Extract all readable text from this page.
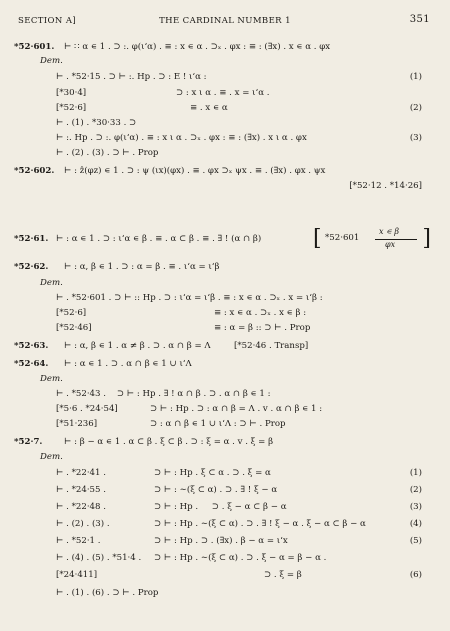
SECTION A]	THE CARDINAL NUMBER 1	351
*52·601. ⊢ ∷ α ∊ 1 . ⊃ :. φ(ι‘α) . ≡ : x ∊ α . ⊃ₓ . φx : ≡ : (∃x) . x ∊ α . φx
Dem.
⊢ . *52·15 . ⊃ ⊢ :. Hp . ⊃ : E ! ι‘α :	(1)
[*30·4]	⊃ : x ι α . ≡ . x = ι‘α .
[*52·6]	≡ . x ∊ α	(2)
⊢ . (1) . *30·33 . ⊃
⊢ :. Hp . ⊃ :. φ(ι‘α) . ≡ : x ι α . ⊃ₓ . φx : ≡ : (∃x) . x ι α . φx	(3)
⊢ . (2) . (3) . ⊃ ⊢ . Prop
*52·602. ⊢ : ẑ(φz) ∊ 1 . ⊃ : ψ (ιx)(φx) . ≡ . φx ⊃ₓ ψx . ≡ . (∃x) . φx . ψx
[*52·12 . *14·26]
*52·61. ⊢ : α ∊ 1 . ⊃ : ι‘α ∊ β . ≡ . α ⊂ β . ≡ . ∃ ! (α ∩ β) [ *52·601
x ∊ β
φx ]
*52·62. ⊢ : α, β ∊ 1 . ⊃ : α = β . ≡ . ι‘α = ι‘β
Dem.
⊢ . *52·601 . ⊃ ⊢ :: Hp . ⊃ : ι‘α = ι‘β . ≡ : x ∊ α . ⊃ₓ . x = ι‘β :
[*52·6]	≡ : x ∊ α . ⊃ₓ . x ∊ β :
[*52·46]	≡ : α = β :: ⊃ ⊢ . Prop
*52·63. ⊢ : α, β ∊ 1 . α ≠ β . ⊃ . α ∩ β = Λ	[*52·46 . Transp]
*52·64. ⊢ : α ∊ 1 . ⊃ . α ∩ β ∊ 1 ∪ ι‘Λ
Dem.
⊢ . *52·43 .    ⊃ ⊢ : Hp . ∃ ! α ∩ β . ⊃ . α ∩ β ∊ 1 :
[*5·6 . *24·54]	⊃ ⊢ : Hp . ⊃ : α ∩ β = Λ . v . α ∩ β ∊ 1 :
[*51·236]	⊃ : α ∩ β ∊ 1 ∪ ι‘Λ : ⊃ ⊢ . Prop
*52·7.	⊢ : β − α ∊ 1 . α ⊂ β . ξ ⊂ β . ⊃ : ξ = α . v . ξ = β
Dem.
⊢ . *22·41 .	⊃ ⊢ : Hp . ξ ⊂ α . ⊃ . ξ = α	(1)
⊢ . *24·55 .	⊃ ⊢ : ∼(ξ ⊂ α) . ⊃ . ∃ ! ξ − α	(2)
⊢ . *22·48 .	⊃ ⊢ : Hp .     ⊃ . ξ − α ⊂ β − α	(3)
⊢ . (2) . (3) .	⊃ ⊢ : Hp . ∼(ξ ⊂ α) . ⊃ . ∃ ! ξ − α . ξ − α ⊂ β − α	(4)
⊢ . *52·1 .	⊃ ⊢ : Hp . ⊃ . (∃x) . β − α = ι‘x	(5)
⊢ . (4) . (5) . *51·4 . ⊃ ⊢ : Hp . ∼(ξ ⊂ α) . ⊃ . ξ − α = β − α .
[*24·411]	⊃ . ξ = β	(6)
⊢ . (1) . (6) . ⊃ ⊢ . Prop
